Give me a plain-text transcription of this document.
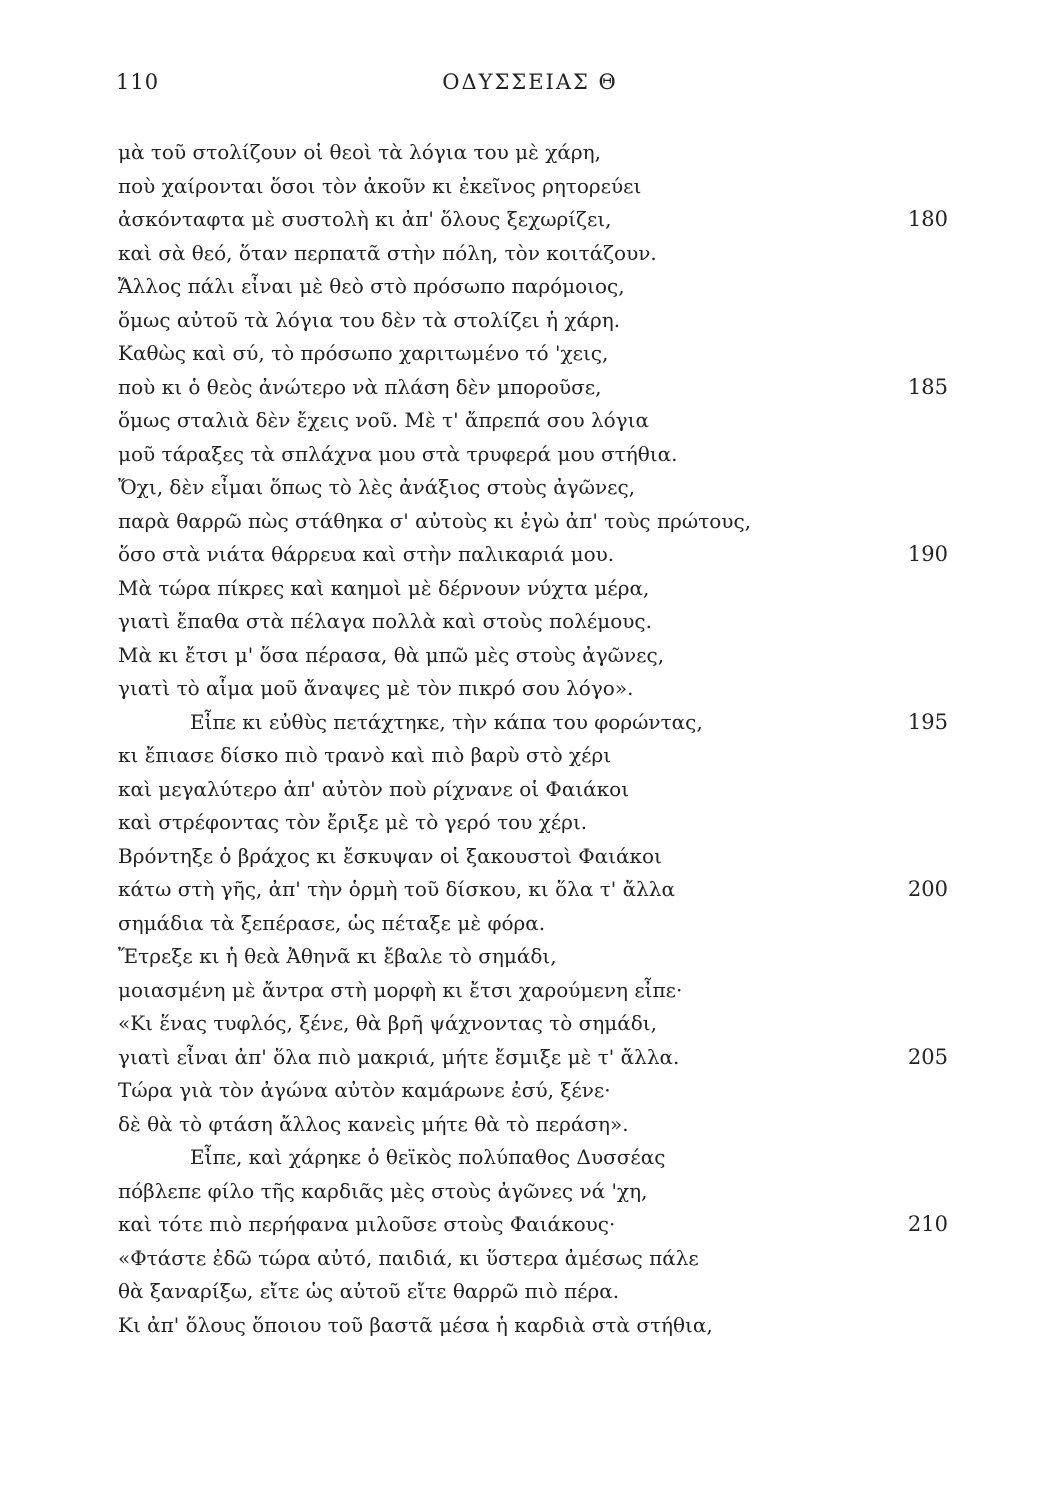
110	ΟΔΥΣΣΕΙΑΣ Θ
μὰ τοῦ στολίζουν οἱ θεοὶ τὰ λόγια του μὲ χάρη,
ποὺ χαίρονται ὅσοι τὸν ἀκοῦν κι ἐκεῖνος ρητορεύει
ἀσκόνταφτα μὲ συστολὴ κι ἀπ' ὅλους ξεχωρίζει,	180
καὶ σὰ θεό, ὅταν περπατᾶ στὴν πόλη, τὸν κοιτάζουν.
Ἄλλος πάλι εἶναι μὲ θεὸ στὸ πρόσωπο παρόμοιος,
ὅμως αὐτοῦ τὰ λόγια του δὲν τὰ στολίζει ἡ χάρη.
Καθὼς καὶ σύ, τὸ πρόσωπο χαριτωμένο τό 'χεις,
ποὺ κι ὁ θεὸς ἀνώτερο νὰ πλάση δὲν μποροῦσε,	185
ὅμως σταλιὰ δὲν ἔχεις νοῦ. Μὲ τ' ἄπρεπά σου λόγια
μοῦ τάραξες τὰ σπλάχνα μου στὰ τρυφερά μου στήθια.
Ὄχι, δὲν εἶμαι ὅπως τὸ λὲς ἀνάξιος στοὺς ἀγῶνες,
παρὰ θαρρῶ πὼς στάθηκα σ' αὐτοὺς κι ἐγὼ ἀπ' τοὺς πρώτους,
ὅσο στὰ νιάτα θάρρευα καὶ στὴν παλικαριά μου.	190
Μὰ τώρα πίκρες καὶ καημοὶ μὲ δέρνουν νύχτα μέρα,
γιατὶ ἔπαθα στὰ πέλαγα πολλὰ καὶ στοὺς πολέμους.
Μὰ κι ἔτσι μ' ὅσα πέρασα, θὰ μπῶ μὲς στοὺς ἀγῶνες,
γιατὶ τὸ αἷμα μοῦ ἄναψες μὲ τὸν πικρό σου λόγο».
Εἶπε κι εὐθὺς πετάχτηκε, τὴν κάπα του φορώντας,	195
κι ἔπιασε δίσκο πιὸ τρανὸ καὶ πιὸ βαρὺ στὸ χέρι
καὶ μεγαλύτερο ἀπ' αὐτὸν ποὺ ρίχνανε οἱ Φαιάκοι
καὶ στρέφοντας τὸν ἔριξε μὲ τὸ γερό του χέρι.
Βρόντηξε ὁ βράχος κι ἔσκυψαν οἱ ξακουστοὶ Φαιάκοι
κάτω στὴ γῆς, ἀπ' τὴν ὁρμὴ τοῦ δίσκου, κι ὅλα τ' ἄλλα	200
σημάδια τὰ ξεπέρασε, ὡς πέταξε μὲ φόρα.
Ἔτρεξε κι ἡ θεὰ Ἀθηνᾶ κι ἔβαλε τὸ σημάδι,
μοιασμένη μὲ ἄντρα στὴ μορφὴ κι ἔτσι χαρούμενη εἶπε·
«Κι ἕνας τυφλός, ξένε, θὰ βρῆ ψάχνοντας τὸ σημάδι,
γιατὶ εἶναι ἀπ' ὅλα πιὸ μακριά, μήτε ἔσμιξε μὲ τ' ἄλλα.	205
Τώρα γιὰ τὸν ἀγώνα αὐτὸν καμάρωνε ἐσύ, ξένε·
δὲ θὰ τὸ φτάση ἄλλος κανεὶς μήτε θὰ τὸ περάση».
Εἶπε, καὶ χάρηκε ὁ θεϊκὸς πολύπαθος Δυσσέας
πόβλεπε φίλο τῆς καρδιᾶς μὲς στοὺς ἀγῶνες νά 'χη,
καὶ τότε πιὸ περήφανα μιλοῦσε στοὺς Φαιάκους·	210
«Φτάστε ἐδῶ τώρα αὐτό, παιδιά, κι ὕστερα ἀμέσως πάλε
θὰ ξαναρίξω, εἴτε ὡς αὐτοῦ εἴτε θαρρῶ πιὸ πέρα.
Κι ἀπ' ὅλους ὅποιου τοῦ βαστᾶ μέσα ἡ καρδιὰ στὰ στήθια,
